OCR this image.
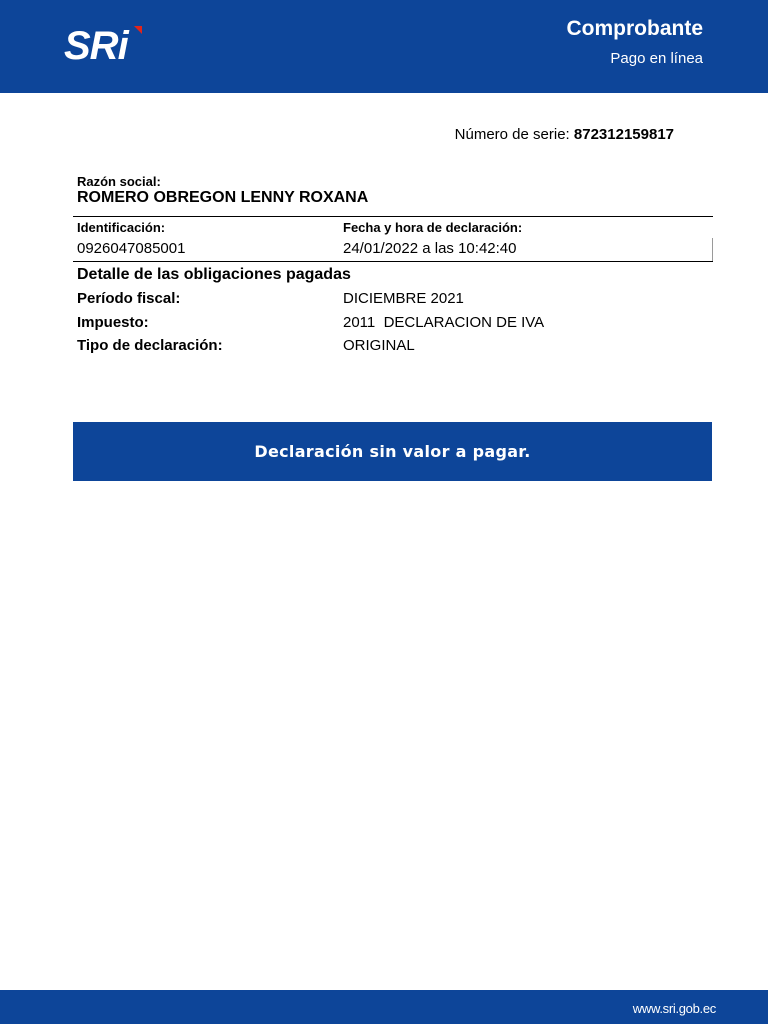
SRi	Comprobante
Pago en línea
Número de serie: 872312159817
Razón social:
ROMERO OBREGON LENNY ROXANA
Identificación:
0926047085001
Fecha y hora de declaración:
24/01/2022 a las 10:42:40
Detalle de las obligaciones pagadas
Período fiscal:	DICIEMBRE 2021
Impuesto:	2011  DECLARACION DE IVA
Tipo de declaración:	ORIGINAL
Declaración sin valor a pagar.
www.sri.gob.ec
